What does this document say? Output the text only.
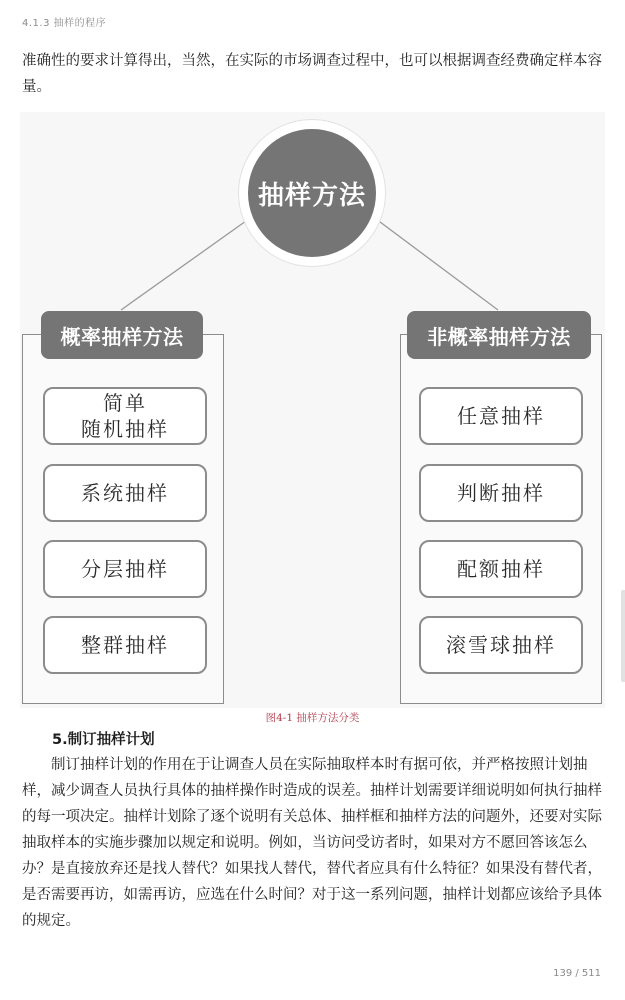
4.1.3 抽样的程序

准确性的要求计算得出，当然，在实际的市场调查过程中，也可以根据调查经费确定样本容量。

抽样方法
概率抽样方法
简单
随机抽样
系统抽样
分层抽样
整群抽样
非概率抽样方法
任意抽样
判断抽样
配额抽样
滚雪球抽样
图4-1 抽样方法分类
5.制订抽样计划

制订抽样计划的作用在于让调查人员在实际抽取样本时有据可依，并严格按照计划抽样，减少调查人员执行具体的抽样操作时造成的误差。抽样计划需要详细说明如何执行抽样的每一项决定。抽样计划除了逐个说明有关总体、抽样框和抽样方法的问题外，还要对实际抽取样本的实施步骤加以规定和说明。例如，当访问受访者时，如果对方不愿回答该怎么办？是直接放弃还是找人替代？如果找人替代，替代者应具有什么特征？如果没有替代者，是否需要再访，如需再访，应选在什么时间？对于这一系列问题，抽样计划都应该给予具体的规定。

139 / 511
